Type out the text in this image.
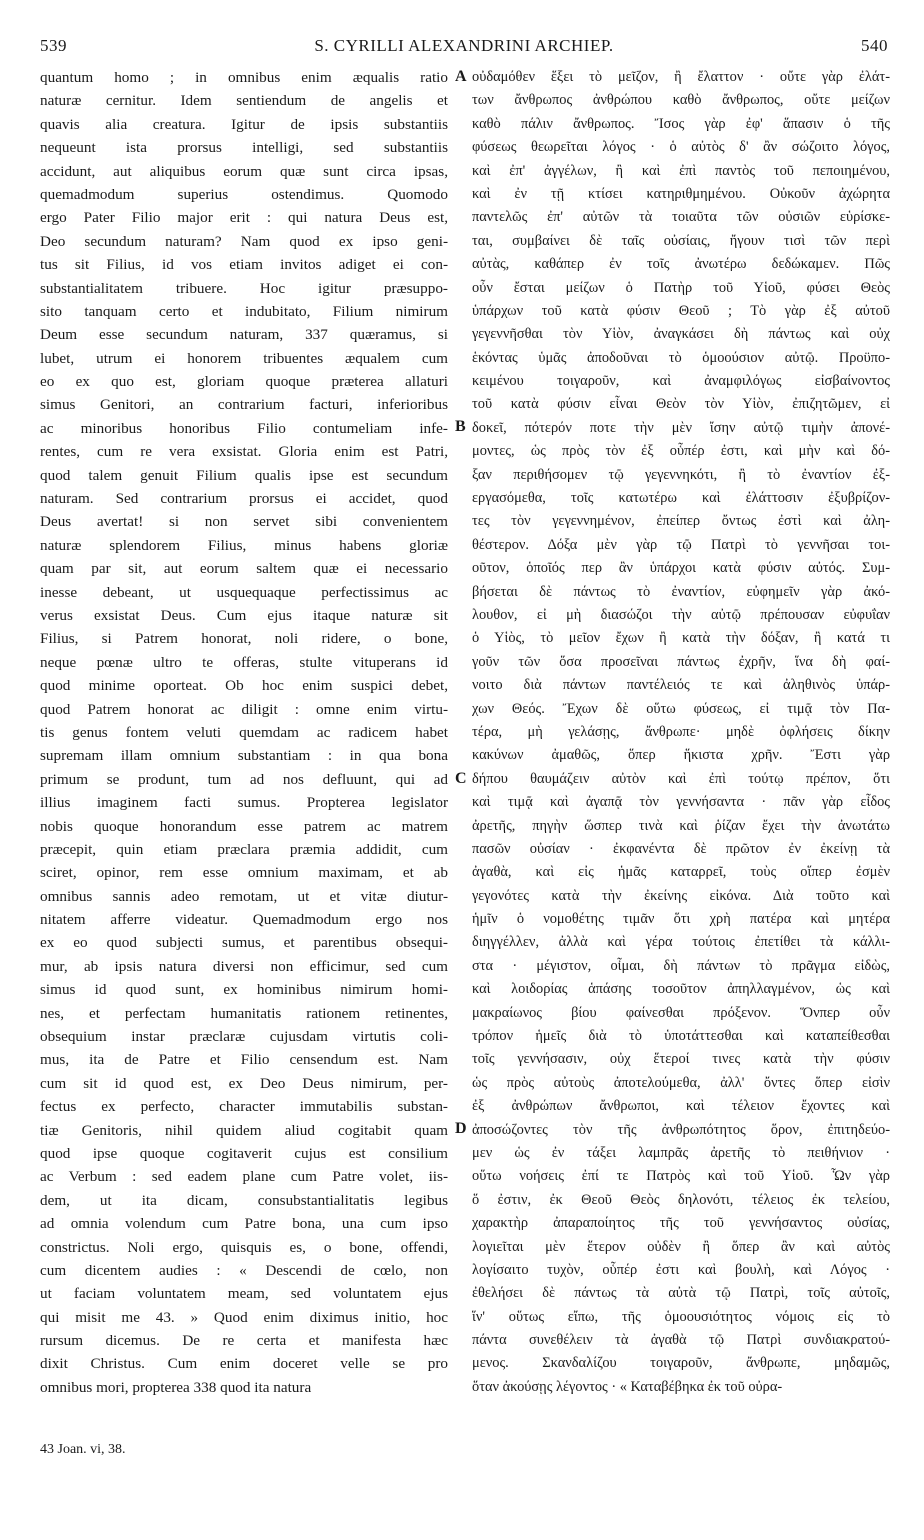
539	S. CYRILLI ALEXANDRINI ARCHIEP.	540
quantum homo ; in omnibus enim æqualis ratio
naturæ cernitur. Idem sentiendum de angelis et
quavis alia creatura. Igitur de ipsis substantiis
nequeunt ista prorsus intelligi, sed substantiis
accidunt, aut aliquibus eorum quæ sunt circa ipsas,
quemadmodum superius ostendimus. Quomodo
ergo Pater Filio major erit : qui natura Deus est,
Deo secundum naturam? Nam quod ex ipso geni-
tus sit Filius, id vos etiam invitos adiget ei con-
substantialitatem tribuere. Hoc igitur præsuppo-
sito tanquam certo et indubitato, Filium nimirum
Deum esse secundum naturam, 337 quæramus, si
lubet, utrum ei honorem tribuentes æqualem cum
eo ex quo est, gloriam quoque præterea allaturi
simus Genitori, an contrarium facturi, inferioribus
ac minoribus honoribus Filio contumeliam infe-
rentes, cum re vera exsistat. Gloria enim est Patri,
quod talem genuit Filium qualis ipse est secundum
naturam. Sed contrarium prorsus ei accidet, quod
Deus avertat! si non servet sibi convenientem
naturæ splendorem Filius, minus habens gloriæ
quam par sit, aut eorum saltem quæ ei necessario
inesse debeant, ut usquequaque perfectissimus ac
verus exsistat Deus. Cum ejus itaque naturæ sit
Filius, si Patrem honorat, noli ridere, o bone,
neque pœnæ ultro te offeras, stulte vituperans id
quod minime oporteat. Ob hoc enim suspici debet,
quod Patrem honorat ac diligit : omne enim virtu-
tis genus fontem veluti quemdam ac radicem habet
supremam illam omnium substantiam : in qua bona
primum se produnt, tum ad nos defluunt, qui ad
illius imaginem facti sumus. Propterea legislator
nobis quoque honorandum esse patrem ac matrem
præcepit, quin etiam præclara præmia addidit, cum
sciret, opinor, rem esse omnium maximam, et ab
omnibus sannis adeo remotam, ut et vitæ diutur-
nitatem afferre videatur. Quemadmodum ergo nos
ex eo quod subjecti sumus, et parentibus obsequi-
mur, ab ipsis natura diversi non efficimur, sed cum
simus id quod sunt, ex hominibus nimirum homi-
nes, et perfectam humanitatis rationem retinentes,
obsequium instar præclaræ cujusdam virtutis coli-
mus, ita de Patre et Filio censendum est. Nam
cum sit id quod est, ex Deo Deus nimirum, per-
fectus ex perfecto, character immutabilis substan-
tiæ Genitoris, nihil quidem aliud cogitabit quam
quod ipse quoque cogitaverit cujus est consilium
ac Verbum : sed eadem plane cum Patre volet, iis-
dem, ut ita dicam, consubstantialitatis legibus
ad omnia volendum cum Patre bona, una cum ipso
constrictus. Noli ergo, quisquis es, o bone, offendi,
cum dicentem audies : « Descendi de cœlo, non
ut faciam voluntatem meam, sed voluntatem ejus
qui misit me 43. » Quod enim diximus initio, hoc
rursum dicemus. De re certa et manifesta hæc
dixit Christus. Cum enim doceret velle se pro
omnibus mori, propterea 338 quod ita natura
οὐδαμόθεν ἕξει τὸ μεῖζον, ἢ ἔλαττον · οὔτε γὰρ ἐλάτ-
των ἄνθρωπος ἀνθρώπου καθὸ ἄνθρωπος, οὔτε μείζων
καθὸ πάλιν ἄνθρωπος. Ἴσος γὰρ ἐφ' ἅπασιν ὁ τῆς
φύσεως θεωρεῖται λόγος · ὁ αὐτὸς δ' ἂν σώζοιτο λόγος,
καὶ ἐπ' ἀγγέλων, ἢ καὶ ἐπὶ παντὸς τοῦ πεποιημένου,
καὶ ἐν τῇ κτίσει κατηριθμημένου. Οὐκοῦν ἀχώρητα
παντελῶς ἐπ' αὐτῶν τὰ τοιαῦτα τῶν οὐσιῶν εὑρίσκε-
ται, συμβαίνει δὲ ταῖς οὐσίαις, ἤγουν τισὶ τῶν περὶ
αὐτὰς, καθάπερ ἐν τοῖς ἀνωτέρω δεδώκαμεν. Πῶς
οὖν ἔσται μείζων ὁ Πατὴρ τοῦ Υἱοῦ, φύσει Θεὸς
ὑπάρχων τοῦ κατὰ φύσιν Θεοῦ ; Τὸ γὰρ ἐξ αὐτοῦ
γεγεννῆσθαι τὸν Υἱὸν, ἀναγκάσει δὴ πάντως καὶ οὐχ
ἑκόντας ὑμᾶς ἀποδοῦναι τὸ ὁμοούσιον αὐτῷ. Προϋπο-
κειμένου τοιγαροῦν, καὶ ἀναμφιλόγως εἰσβαίνοντος
τοῦ κατὰ φύσιν εἶναι Θεὸν τὸν Υἱὸν, ἐπιζητῶμεν, εἰ
δοκεῖ, πότερόν ποτε τὴν μὲν ἴσην αὐτῷ τιμὴν ἀπονέ-
μοντες, ὡς πρὸς τὸν ἐξ οὗπέρ ἐστι, καὶ μὴν καὶ δό-
ξαν περιθήσομεν τῷ γεγεννηκότι, ἢ τὸ ἐναντίον ἐξ-
εργασόμεθα, τοῖς κατωτέρω καὶ ἐλάττοσιν ἐξυβρίζον-
τες τὸν γεγεννημένον, ἐπείπερ ὄντως ἐστὶ καὶ ἀλη-
θέστερον. Δόξα μὲν γὰρ τῷ Πατρὶ τὸ γεννῆσαι τοι-
οῦτον, ὁποῖός περ ἂν ὑπάρχοι κατὰ φύσιν αὐτός. Συμ-
βήσεται δὲ πάντως τὸ ἐναντίον, εὐφημεῖν γὰρ ἀκό-
λουθον, εἰ μὴ διασώζοι τὴν αὐτῷ πρέπουσαν εὐφυΐαν
ὁ Υἱὸς, τὸ μεῖον ἔχων ἢ κατὰ τὴν δόξαν, ἢ κατά τι
γοῦν τῶν ὅσα προσεῖναι πάντως ἐχρῆν, ἵνα δὴ φαί-
νοιτο διὰ πάντων παντέλειός τε καὶ ἀληθινὸς ὑπάρ-
χων Θεός. Ἔχων δὲ οὕτω φύσεως, εἰ τιμᾷ τὸν Πα-
τέρα, μὴ γελάσῃς, ἄνθρωπε· μηδὲ ὀφλήσεις δίκην
κακύνων ἀμαθῶς, ὅπερ ἥκιστα χρῆν. Ἔστι γὰρ
δήπου θαυμάζειν αὐτὸν καὶ ἐπὶ τούτῳ πρέπον, ὅτι
καὶ τιμᾷ καὶ ἀγαπᾷ τὸν γεννήσαντα · πᾶν γὰρ εἶδος
ἀρετῆς, πηγὴν ὥσπερ τινὰ καὶ ῥίζαν ἔχει τὴν ἀνωτάτω
πασῶν οὐσίαν · ἐκφανέντα δὲ πρῶτον ἐν ἐκείνῃ τὰ
ἀγαθὰ, καὶ εἰς ἡμᾶς καταρρεῖ, τοὺς οἵπερ ἐσμὲν
γεγονότες κατὰ τὴν ἐκείνης εἰκόνα. Διὰ τοῦτο καὶ
ἡμῖν ὁ νομοθέτης τιμᾶν ὅτι χρὴ πατέρα καὶ μητέρα
διηγγέλλεν, ἀλλὰ καὶ γέρα τούτοις ἐπετίθει τὰ κάλλι-
στα · μέγιστον, οἶμαι, δὴ πάντων τὸ πρᾶγμα εἰδὼς,
καὶ λοιδορίας ἁπάσης τοσοῦτον ἀπηλλαγμένον, ὡς καὶ
μακραίωνος βίου φαίνεσθαι πρόξενον. Ὅνπερ οὖν
τρόπον ἡμεῖς διὰ τὸ ὑποτάττεσθαι καὶ καταπείθεσθαι
τοῖς γεννήσασιν, οὐχ ἕτεροί τινες κατὰ τὴν φύσιν
ὡς πρὸς αὐτοὺς ἀποτελούμεθα, ἀλλ' ὄντες ὅπερ εἰσὶν
ἐξ ἀνθρώπων ἄνθρωποι, καὶ τέλειον ἔχοντες καὶ
ἀποσώζοντες τὸν τῆς ἀνθρωπότητος ὅρον, ἐπιτηδεύο-
μεν ὡς ἐν τάξει λαμπρᾶς ἀρετῆς τὸ πειθήνιον ·
οὕτω νοήσεις ἐπί τε Πατρὸς καὶ τοῦ Υἱοῦ. Ὧν γὰρ
ὅ ἐστιν, ἐκ Θεοῦ Θεὸς δηλονότι, τέλειος ἐκ τελείου,
χαρακτὴρ ἀπαραποίητος τῆς τοῦ γεννήσαντος οὐσίας,
λογιεῖται μὲν ἕτερον οὐδὲν ἢ ὅπερ ἂν καὶ αὐτὸς
λογίσαιτο τυχὸν, οὗπέρ ἐστι καὶ βουλὴ, καὶ Λόγος ·
ἐθελήσει δὲ πάντως τὰ αὐτὰ τῷ Πατρὶ, τοῖς αὐτοῖς,
ἵν' οὕτως εἴπω, τῆς ὁμοουσιότητος νόμοις εἰς τὸ
πάντα συνεθέλειν τὰ ἀγαθὰ τῷ Πατρὶ συνδιακρατού-
μενος. Σκανδαλίζου τοιγαροῦν, ἄνθρωπε, μηδαμῶς,
ὅταν ἀκούσῃς λέγοντος · « Καταβέβηκα ἐκ τοῦ οὐρα-
A
B
C
D
43 Joan. vi, 38.
